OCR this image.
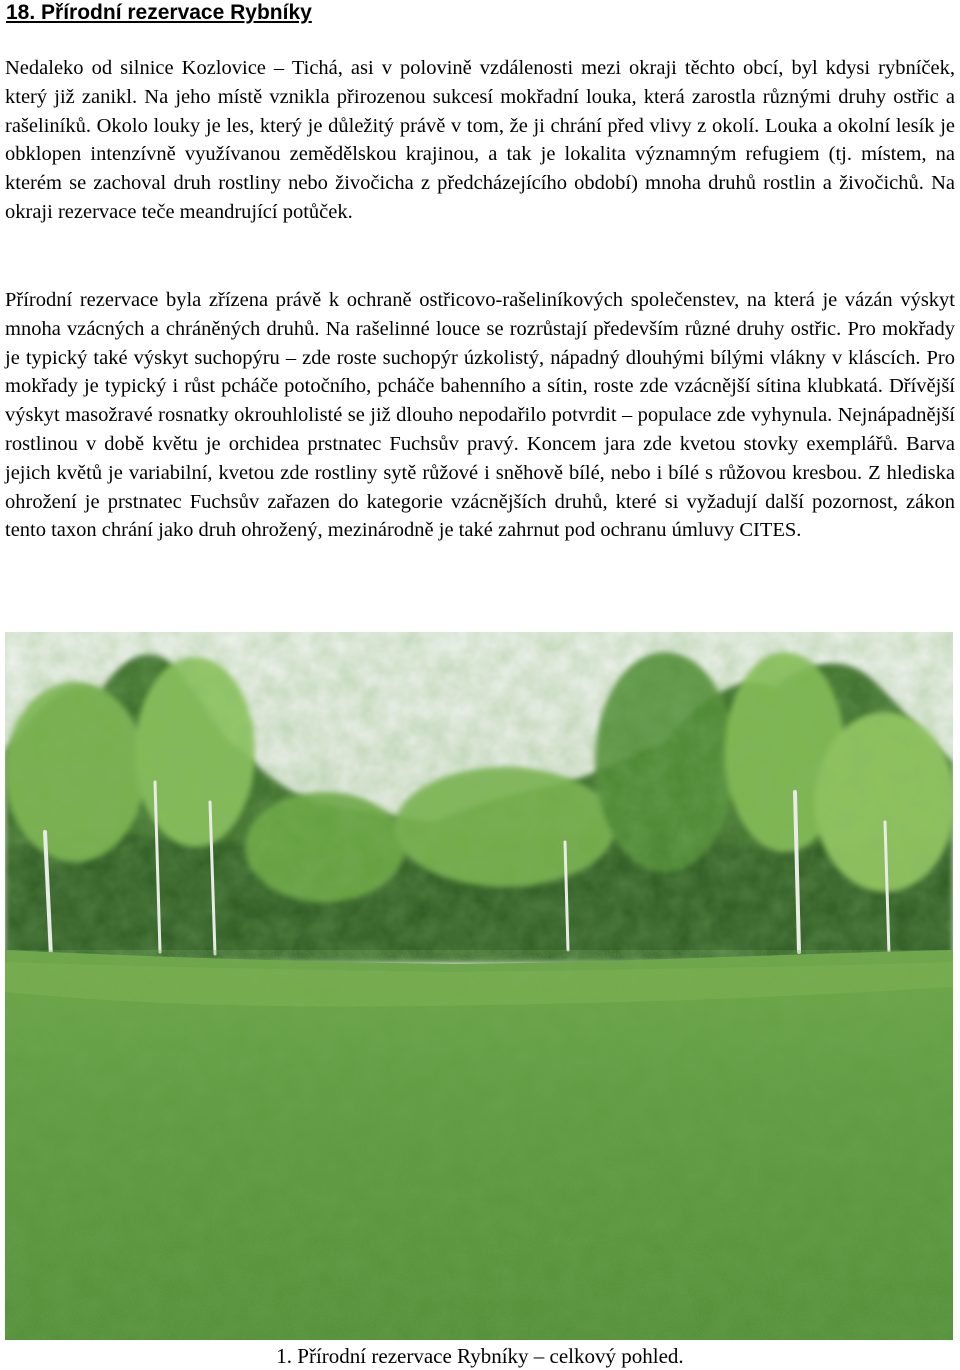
18. Přírodní rezervace Rybníky

Nedaleko od silnice Kozlovice – Tichá, asi v polovině vzdálenosti mezi okraji těchto obcí, byl kdysi rybníček, který již zanikl. Na jeho místě vznikla přirozenou sukcesí mokřadní louka, která zarostla různými druhy ostřic a rašeliníků. Okolo louky je les, který je důležitý právě v tom, že ji chrání před vlivy z okolí. Louka a okolní lesík je obklopen intenzívně využívanou zemědělskou krajinou, a tak je lokalita významným refugiem (tj. místem, na kterém se zachoval druh rostliny nebo živočicha z předcházejícího období) mnoha druhů rostlin a živočichů. Na okraji rezervace teče meandrující potůček.

Přírodní rezervace byla zřízena právě k ochraně ostřicovo-rašeliníkových společenstev, na která je vázán výskyt mnoha vzácných a chráněných druhů. Na rašelinné louce se rozrůstají především různé druhy ostřic. Pro mokřady je typický také výskyt suchopýru – zde roste suchopýr úzkolistý, nápadný dlouhými bílými vlákny v kláscích. Pro mokřady je typický i růst pcháče potočního, pcháče bahenního a sítin, roste zde vzácnější sítina klubkatá. Dřívější výskyt masožravé rosnatky okrouhlolisté se již dlouho nepodařilo potvrdit – populace zde vyhynula. Nejnápadnější rostlinou v době květu je orchidea prstnatec Fuchsův pravý. Koncem jara zde kvetou stovky exemplářů. Barva jejich květů je variabilní, kvetou zde rostliny sytě růžové i sněhově bílé, nebo i bílé s růžovou kresbou. Z hlediska ohrožení je prstnatec Fuchsův zařazen do kategorie vzácnějších druhů, které si vyžadují další pozornost, zákon tento taxon chrání jako druh ohrožený, mezinárodně je také zahrnut pod ochranu úmluvy CITES.

1. Přírodní rezervace Rybníky – celkový pohled.
